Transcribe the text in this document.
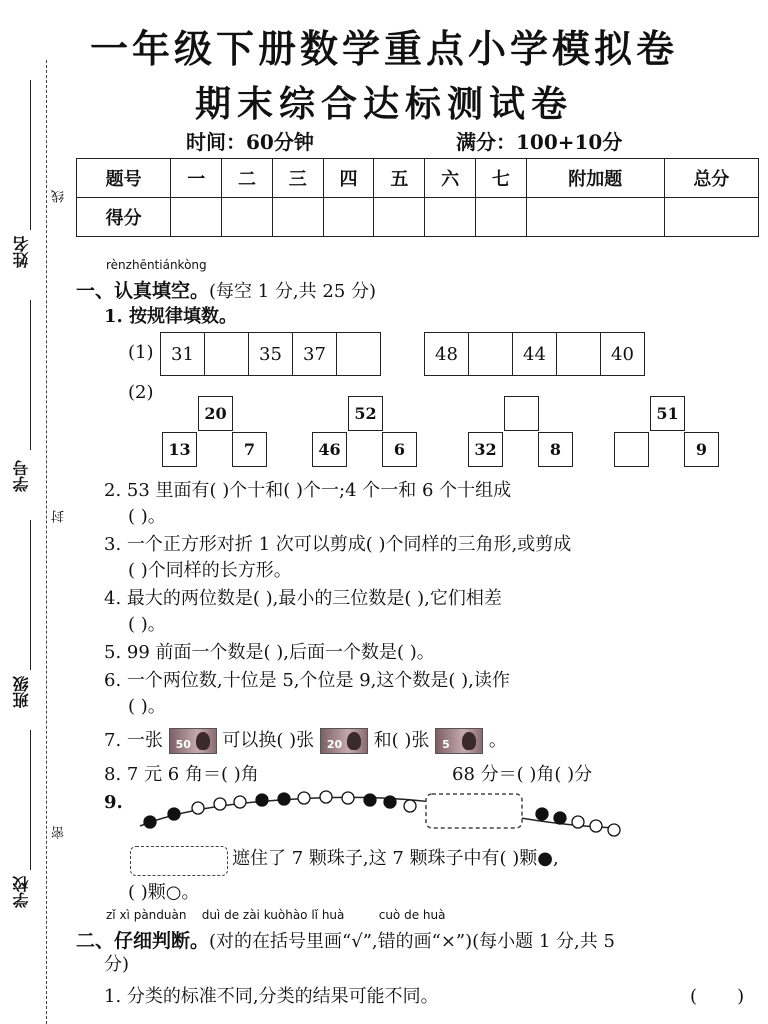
一年级下册数学重点小学模拟卷
期末综合达标测试卷
时间：60分钟	满分：100+10分
题号	一	二	三	四	五	六	七	附加题	总分
得分									
姓名
学号
班级
学校
线
封
密
rènzhēntiánkòng
一、认真填空。(每空 1 分,共 25 分)
1. 按规律填数。
(1) 31	35	37	48	44	40
(2)
20
13	7
52
46	6	32	8
51
9
2. 53 里面有( )个十和( )个一;4 个一和 6 个十组成
( )。
3. 一个正方形对折 1 次可以剪成( )个同样的三角形,或剪成
( )个同样的长方形。
4. 最大的两位数是( ),最小的三位数是( ),它们相差
( )。
5. 99 前面一个数是( ),后面一个数是( )。
6. 一个两位数,十位是 5,个位是 9,这个数是( ),读作
( )。
7. 一张 50 可以换( )张 20 和( )张 5 。
8. 7 元 6 角＝( )角	68 分＝( )角( )分
9.
遮住了 7 颗珠子,这 7 颗珠子中有( )颗●,
( )颗○。
zǐ xì pànduàn    duì de zài kuòhào lǐ huà         cuò de huà
二、仔细判断。(对的在括号里画“√”,错的画“×”)(每小题 1 分,共 5
分)
1. 分类的标准不同,分类的结果可能不同。	(       )
